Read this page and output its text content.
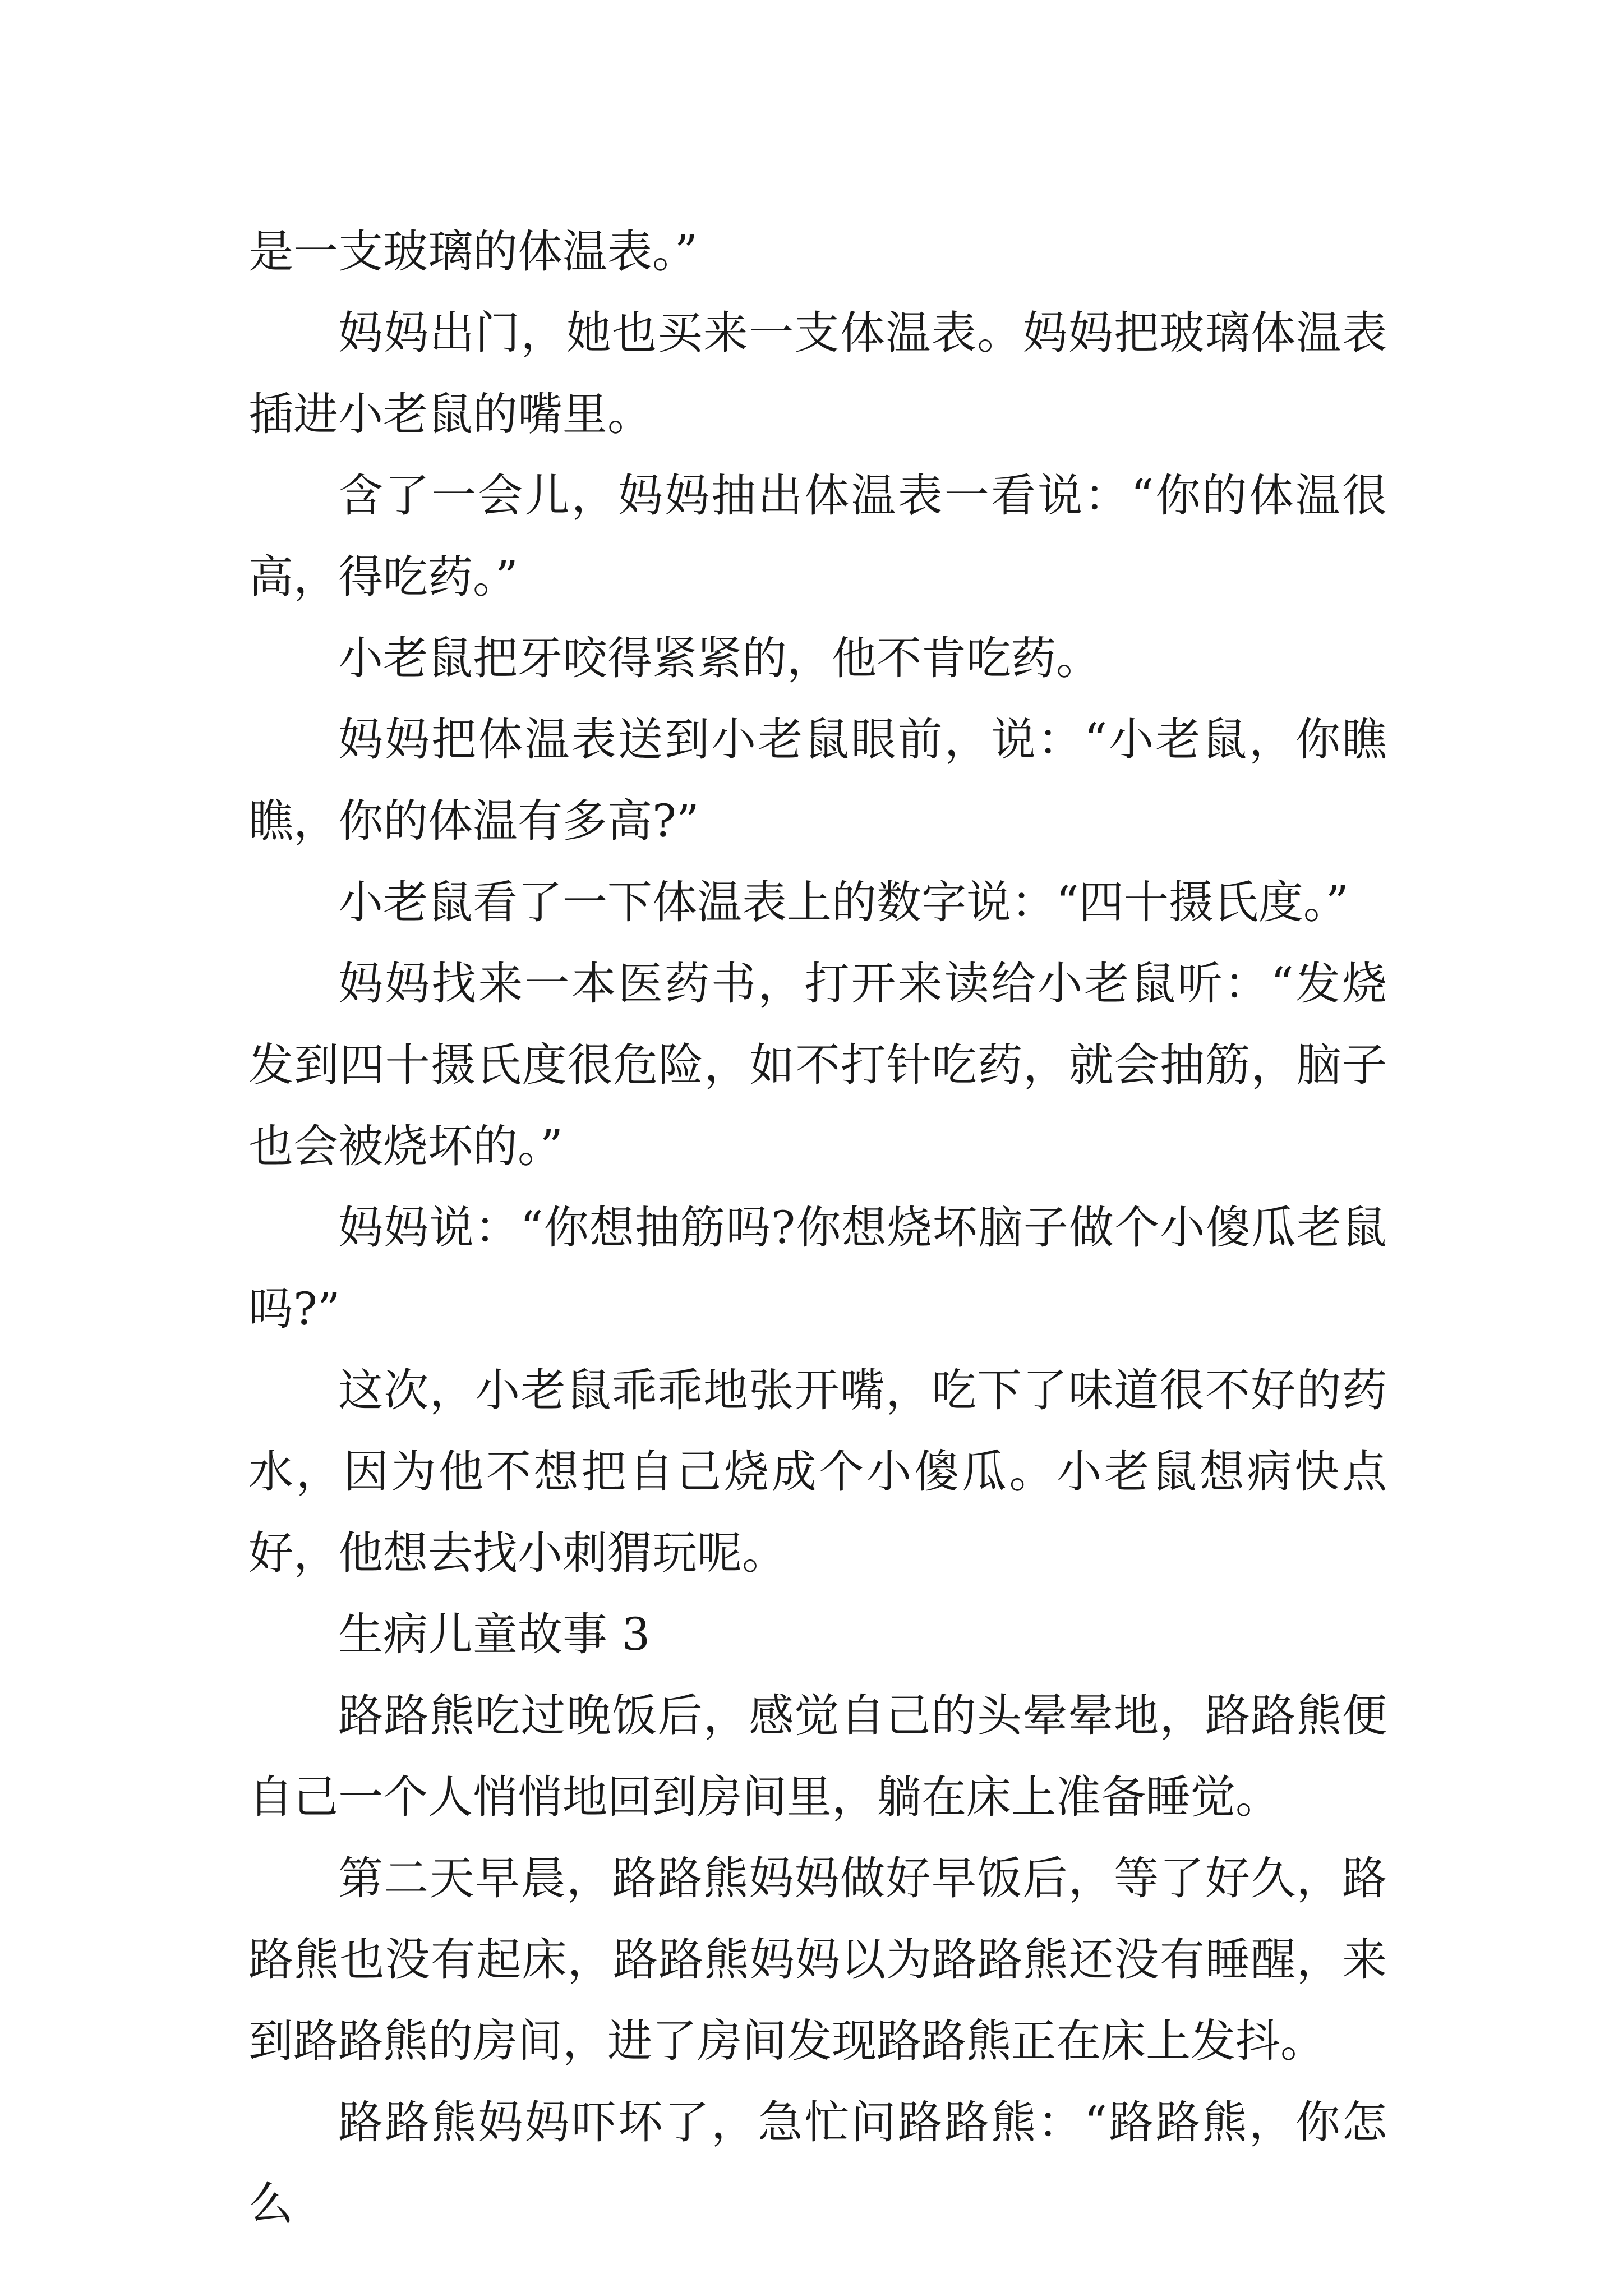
是一支玻璃的体温表。”

妈妈出门，她也买来一支体温表。妈妈把玻璃体温表插进小老鼠的嘴里。

含了一会儿，妈妈抽出体温表一看说：“你的体温很高，得吃药。”

小老鼠把牙咬得紧紧的，他不肯吃药。

妈妈把体温表送到小老鼠眼前，说：“小老鼠，你瞧瞧，你的体温有多高?”

小老鼠看了一下体温表上的数字说：“四十摄氏度。”

妈妈找来一本医药书，打开来读给小老鼠听：“发烧发到四十摄氏度很危险，如不打针吃药，就会抽筋，脑子也会被烧坏的。”

妈妈说：“你想抽筋吗?你想烧坏脑子做个小傻瓜老鼠吗?”

这次，小老鼠乖乖地张开嘴，吃下了味道很不好的药水，因为他不想把自己烧成个小傻瓜。小老鼠想病快点好，他想去找小刺猬玩呢。

生病儿童故事 3

路路熊吃过晚饭后，感觉自己的头晕晕地，路路熊便自己一个人悄悄地回到房间里，躺在床上准备睡觉。

第二天早晨，路路熊妈妈做好早饭后，等了好久，路路熊也没有起床，路路熊妈妈以为路路熊还没有睡醒，来到路路熊的房间，进了房间发现路路熊正在床上发抖。

路路熊妈妈吓坏了，急忙问路路熊：“路路熊，你怎么
